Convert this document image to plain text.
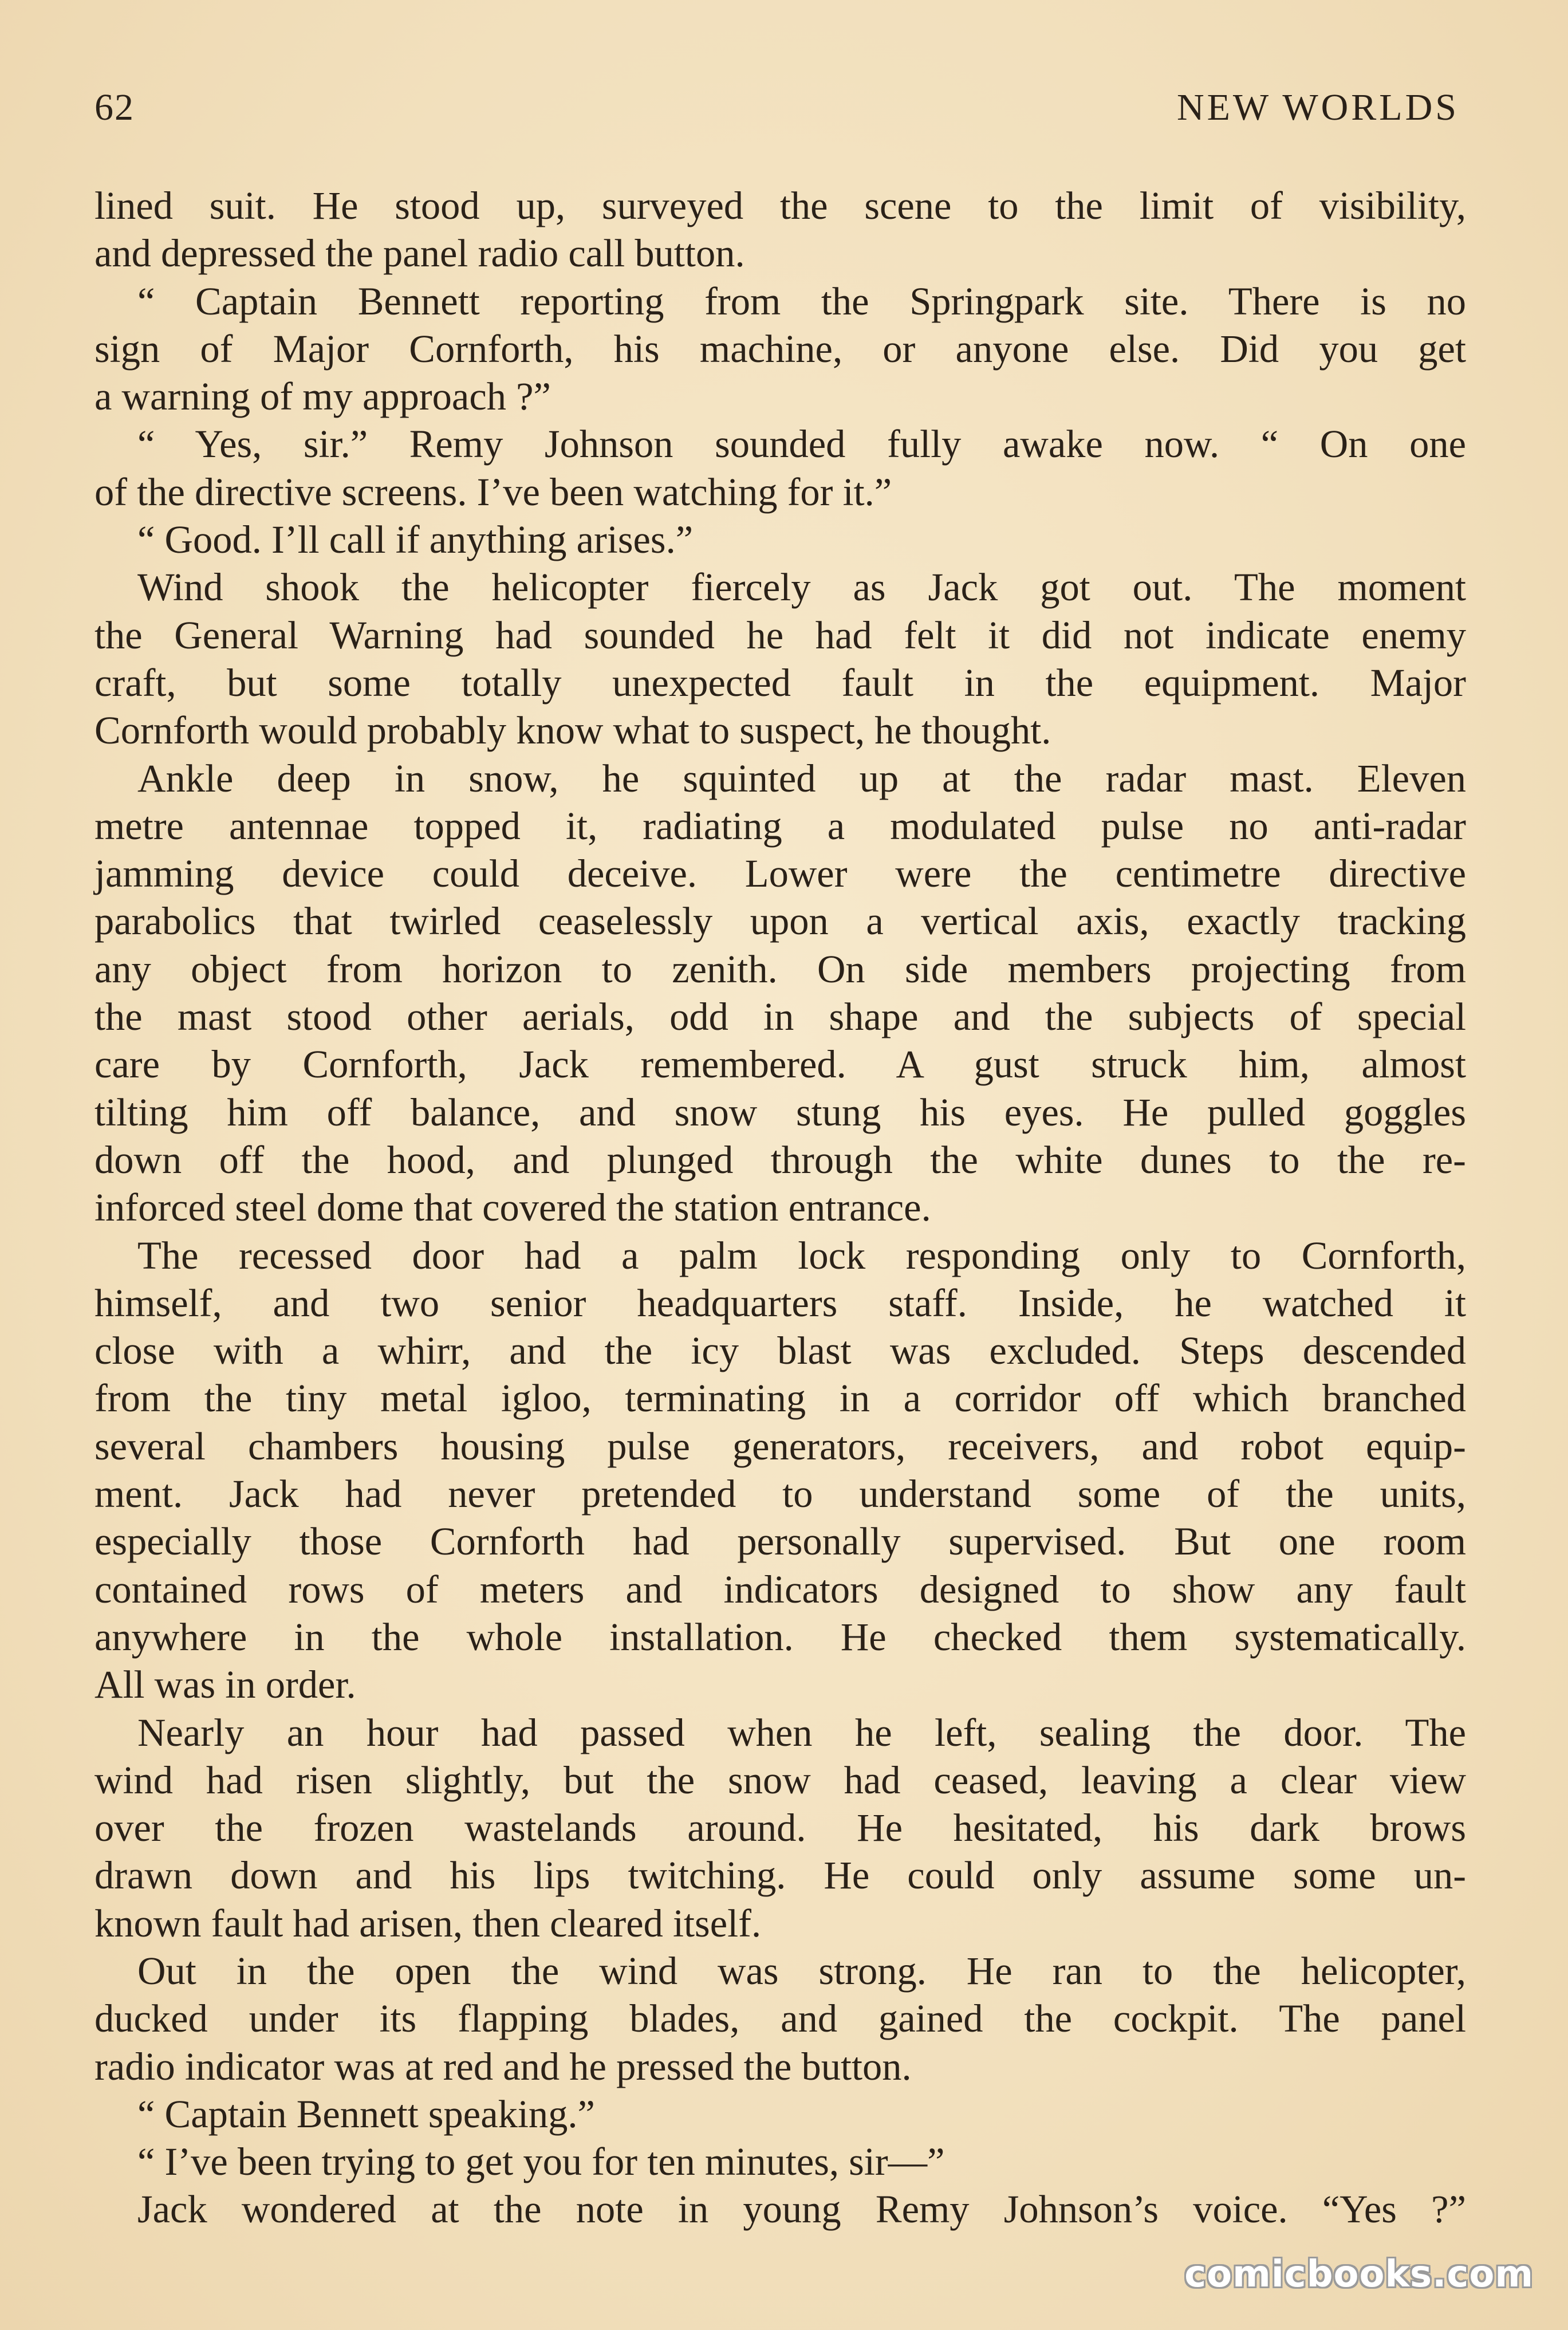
62	NEW WORLDS
lined suit. He stood up, surveyed the scene to the limit of visibility,
and depressed the panel radio call button.
“ Captain Bennett reporting from the Springpark site. There is no
sign of Major Cornforth, his machine, or anyone else. Did you get
a warning of my approach ?”
“ Yes, sir.” Remy Johnson sounded fully awake now. “ On one
of the directive screens. I’ve been watching for it.”
“ Good. I’ll call if anything arises.”
Wind shook the helicopter fiercely as Jack got out. The moment
the General Warning had sounded he had felt it did not indicate enemy
craft, but some totally unexpected fault in the equipment. Major
Cornforth would probably know what to suspect, he thought.
Ankle deep in snow, he squinted up at the radar mast. Eleven
metre antennae topped it, radiating a modulated pulse no anti-radar
jamming device could deceive. Lower were the centimetre directive
parabolics that twirled ceaselessly upon a vertical axis, exactly tracking
any object from horizon to zenith. On side members projecting from
the mast stood other aerials, odd in shape and the subjects of special
care by Cornforth, Jack remembered. A gust struck him, almost
tilting him off balance, and snow stung his eyes. He pulled goggles
down off the hood, and plunged through the white dunes to the re-
inforced steel dome that covered the station entrance.
The recessed door had a palm lock responding only to Cornforth,
himself, and two senior headquarters staff. Inside, he watched it
close with a whirr, and the icy blast was excluded. Steps descended
from the tiny metal igloo, terminating in a corridor off which branched
several chambers housing pulse generators, receivers, and robot equip-
ment. Jack had never pretended to understand some of the units,
especially those Cornforth had personally supervised. But one room
contained rows of meters and indicators designed to show any fault
anywhere in the whole installation. He checked them systematically.
All was in order.
Nearly an hour had passed when he left, sealing the door. The
wind had risen slightly, but the snow had ceased, leaving a clear view
over the frozen wastelands around. He hesitated, his dark brows
drawn down and his lips twitching. He could only assume some un-
known fault had arisen, then cleared itself.
Out in the open the wind was strong. He ran to the helicopter,
ducked under its flapping blades, and gained the cockpit. The panel
radio indicator was at red and he pressed the button.
“ Captain Bennett speaking.”
“ I’ve been trying to get you for ten minutes, sir—”
Jack wondered at the note in young Remy Johnson’s voice. “Yes ?”
comicbooks.com
